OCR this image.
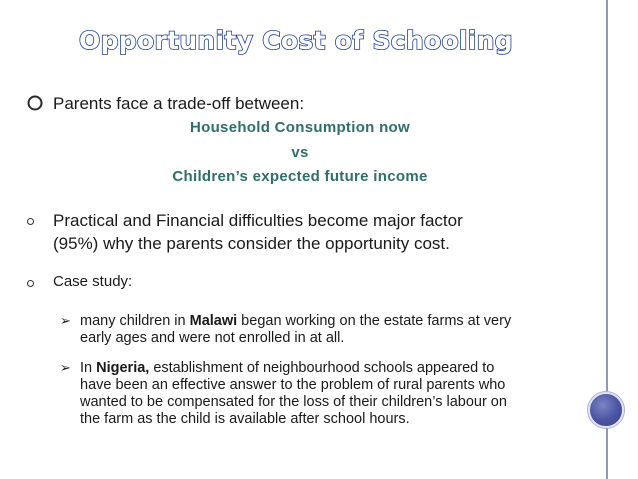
Opportunity Cost of Schooling
Parents face a trade-off between:
Household Consumption now
vs
Children’s expected future income
Practical and Financial difficulties become major factor
(95%) why the parents consider the opportunity cost.
Case study:
➢ many children in Malawi began working on the estate farms at very
early ages and were not enrolled in at all.
➢ In Nigeria, establishment of neighbourhood schools appeared to
have been an effective answer to the problem of rural parents who
wanted to be compensated for the loss of their children’s labour on
the farm as the child is available after school hours.
